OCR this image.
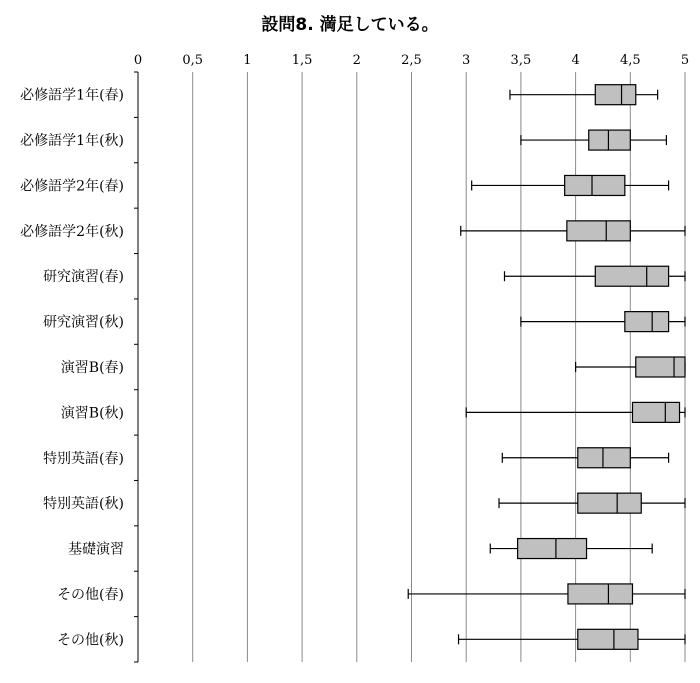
設問8. 満足している。
0	0,5	1	1,5	2	2,5	3	3,5	4	4,5	5
必修語学1年(春)
必修語学1年(秋)
必修語学2年(春)
必修語学2年(秋)
研究演習(春)
研究演習(秋)
演習B(春)
演習B(秋)
特別英語(春)
特別英語(秋)
基礎演習
その他(春)
その他(秋)
